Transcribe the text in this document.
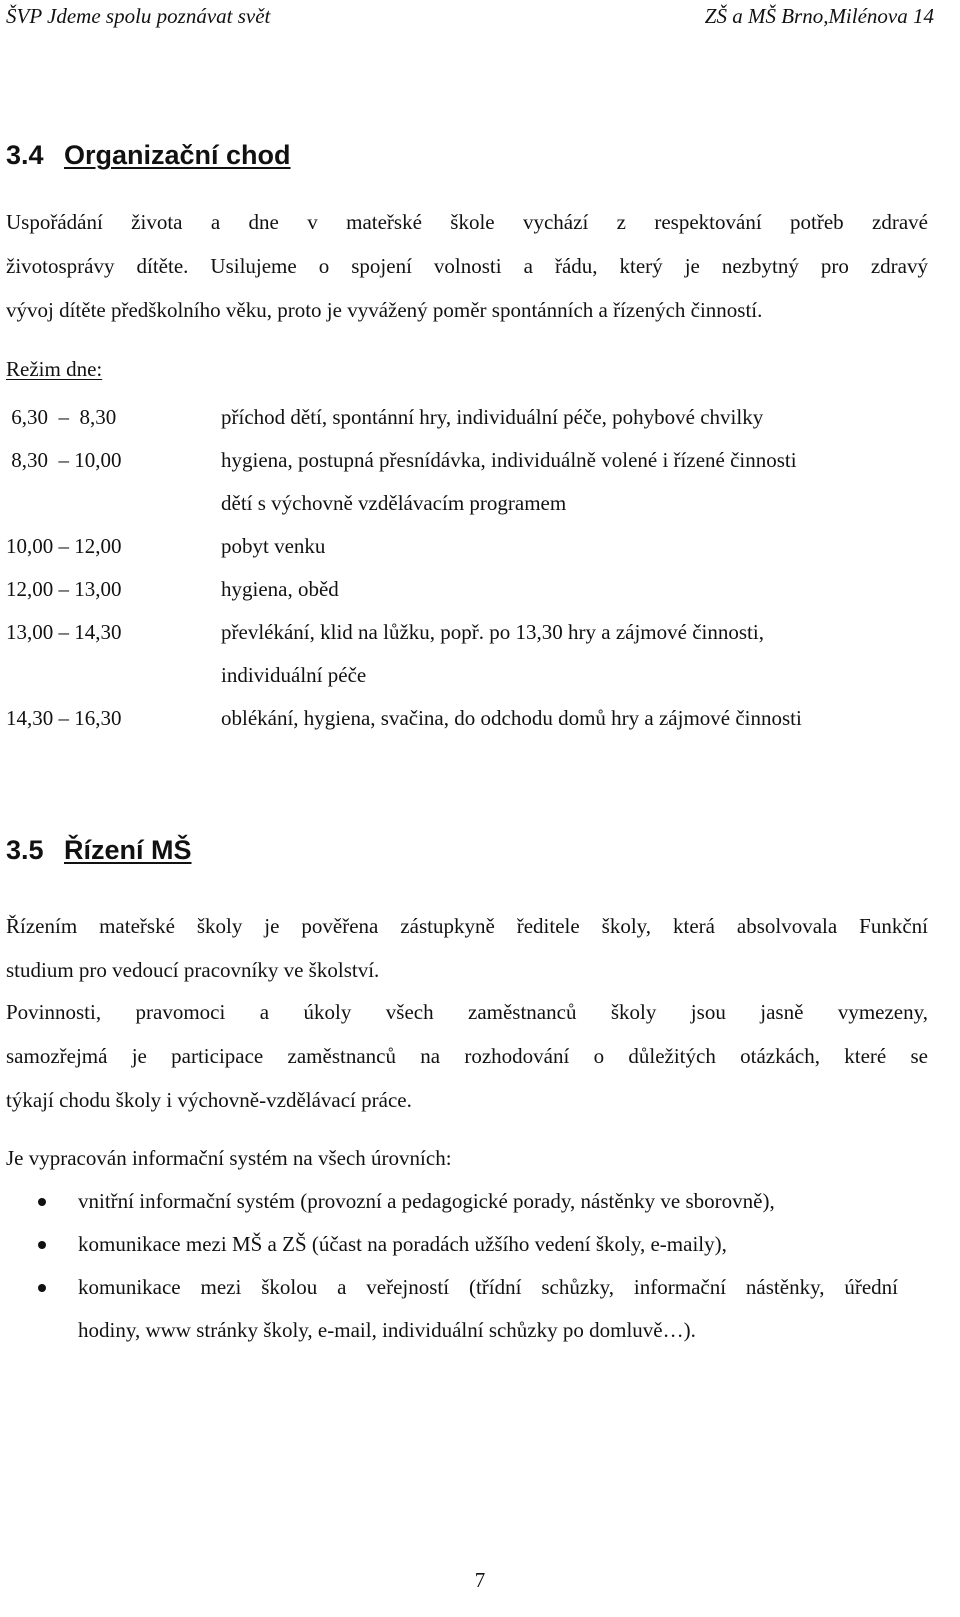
ŠVP Jdeme spolu poznávat svět	ZŠ a MŠ Brno,Milénova 14
3.4 Organizační chod
Uspořádání života a dne v mateřské škole vychází z respektování potřeb zdravé
životosprávy dítěte. Usilujeme o spojení volnosti a řádu, který je nezbytný pro zdravý
vývoj dítěte předškolního věku, proto je vyvážený poměr spontánních a řízených činností.
Režim dne:
6,30  –  8,30	příchod dětí, spontánní hry, individuální péče, pohybové chvilky
8,30  – 10,00	hygiena, postupná přesnídávka, individuálně volené i řízené činnosti
dětí s výchovně vzdělávacím programem
10,00 – 12,00	pobyt venku
12,00 – 13,00	hygiena, oběd
13,00 – 14,30	převlékání, klid na lůžku, popř. po 13,30 hry a zájmové činnosti,
individuální péče
14,30 – 16,30	oblékání, hygiena, svačina, do odchodu domů hry a zájmové činnosti
3.5 Řízení MŠ
Řízením mateřské školy je pověřena zástupkyně ředitele školy, která absolvovala Funkční
studium pro vedoucí pracovníky ve školství.
Povinnosti, pravomoci a úkoly všech zaměstnanců školy jsou jasně vymezeny,
samozřejmá je participace zaměstnanců na rozhodování o důležitých otázkách, které se
týkají chodu školy i výchovně-vzdělávací práce.
Je vypracován informační systém na všech úrovních:
vnitřní informační systém (provozní a pedagogické porady, nástěnky ve sborovně),
komunikace mezi MŠ a ZŠ (účast na poradách užšího vedení školy, e-maily),
komunikace mezi školou a veřejností (třídní schůzky, informační nástěnky, úřední
hodiny, www stránky školy, e-mail, individuální schůzky po domluvě…).
7
